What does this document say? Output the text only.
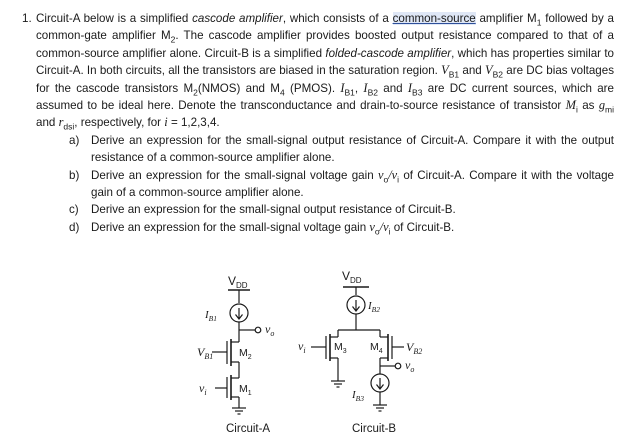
1. Circuit-A below is a simplified cascode amplifier, which consists of a common-source amplifier $M_1$ followed by a common-gate amplifier $M_2$. The cascode amplifier provides boosted output resistance compared to that of a common-source amplifier alone. Circuit-B is a simplified folded-cascode amplifier, which has properties similar to Circuit-A. In both circuits, all the transistors are biased in the saturation region. $V_{B1}$ and $V_{B2}$ are DC bias voltages for the cascode transistors $M_2(NMOS)$ and $M_4$ (PMOS). $I_{B1}$, $I_{B2}$ and $I_{B3}$ are DC current sources, which are assumed to be ideal here. Denote the transconductance and drain-to-source resistance of transistor $M_i$ as $g_{mi}$ and $r_{dsi}$, respectively, for i = 1,2,3,4.
a) Derive an expression for the small-signal output resistance of Circuit-A. Compare it with the output resistance of a common-source amplifier alone.
b) Derive an expression for the small-signal voltage gain $v_o/v_i$ of Circuit-A. Compare it with the voltage gain of a common-source amplifier alone.
c) Derive an expression for the small-signal output resistance of Circuit-B.
d) Derive an expression for the small-signal voltage gain $v_o/v_i$ of Circuit-B.
$V_{DD}$
$I_{B1}$
$v_o$
$V_{B1}$ $M_2$
$v_i$	$M_1$
Circuit-A
$V_{DD}$
$I_{B2}$
$v_i$	$M_3$	$V_{B2}$
$M_4$
$v_o$
$I_{B3}$
Circuit-B
